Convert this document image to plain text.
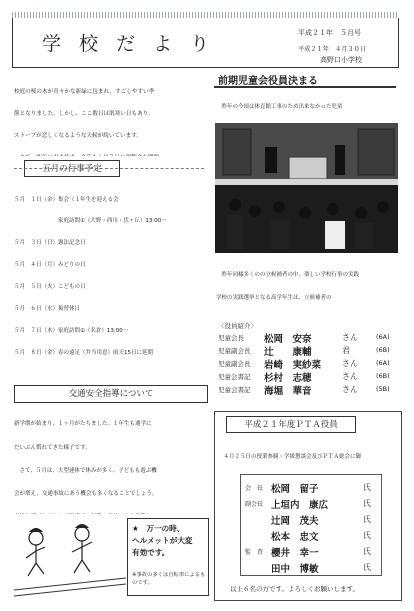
学 校 だ よ り	平成２１年　５月号
平成２１年　４月３０日
高野口小学校

校庭の桜の木が青々かな新緑に包まれ、すごしやすい季

節となりました。しかし、ここ数日は肌寒い日もあり、

ストーブが恋しくなるような天候が続いています。

五月の行事予定

５月　１日（金）集会（１年生を迎える会

　　　　　　　　家庭訪問①（大野・西川・伏ヶ丘）13:00～

５月　３日（日）憲法記念日

５月　４日（月）みどりの日

５月　５日（火）こどもの日

５月　６日（水）振替休日

５月　７日（木）家庭訪問②（名倉）13:00～

５月　８日（金）春の遠足（弁当用意）雨天15日に延期

交通安全指導について

新学期が始まり、１ヶ月がたちました。１年生も通学に

だいぶん慣れてきた様子です。

　さて、５月は、大型連休で休みが多く、子どもも遊ぶ機

会が増え、交通事故にあう機会も多くなることでしょう。

★　万一の時、
ヘルメットが大変
有効です。
※事故の多くは自転車によるものです。
前期児童会役員決まる

　昨年の今頃は体育館工事のため出来なかった児童

　昨年同様多くのの立候補者の中、楽しい学校行事の実践

学校の実践選挙となる高学年生は、立候補者の

〈役員紹介〉
児童会長 松岡　安奈	さん	(6A)
児童副会長 辻　　康輔	君	(6B)
児童副会長 岩崎　実紗菜	さん	(6A)
児童会書記 杉村　志穂	さん	(6B)
児童会書記 海堀　華音	さん	(5B)
平成２１年度ＰＴＡ役員

　４月２５日の授業参観・学級懇談会及びＰＴＡ総会に御

会　長 松岡　留子	氏
副会長 上垣内　康広	氏
辻岡　茂夫	氏
松本　忠文	氏
監　査 櫻井　幸一	氏
田中　博敏	氏
以上６名の方です。よろしくお願いします。
